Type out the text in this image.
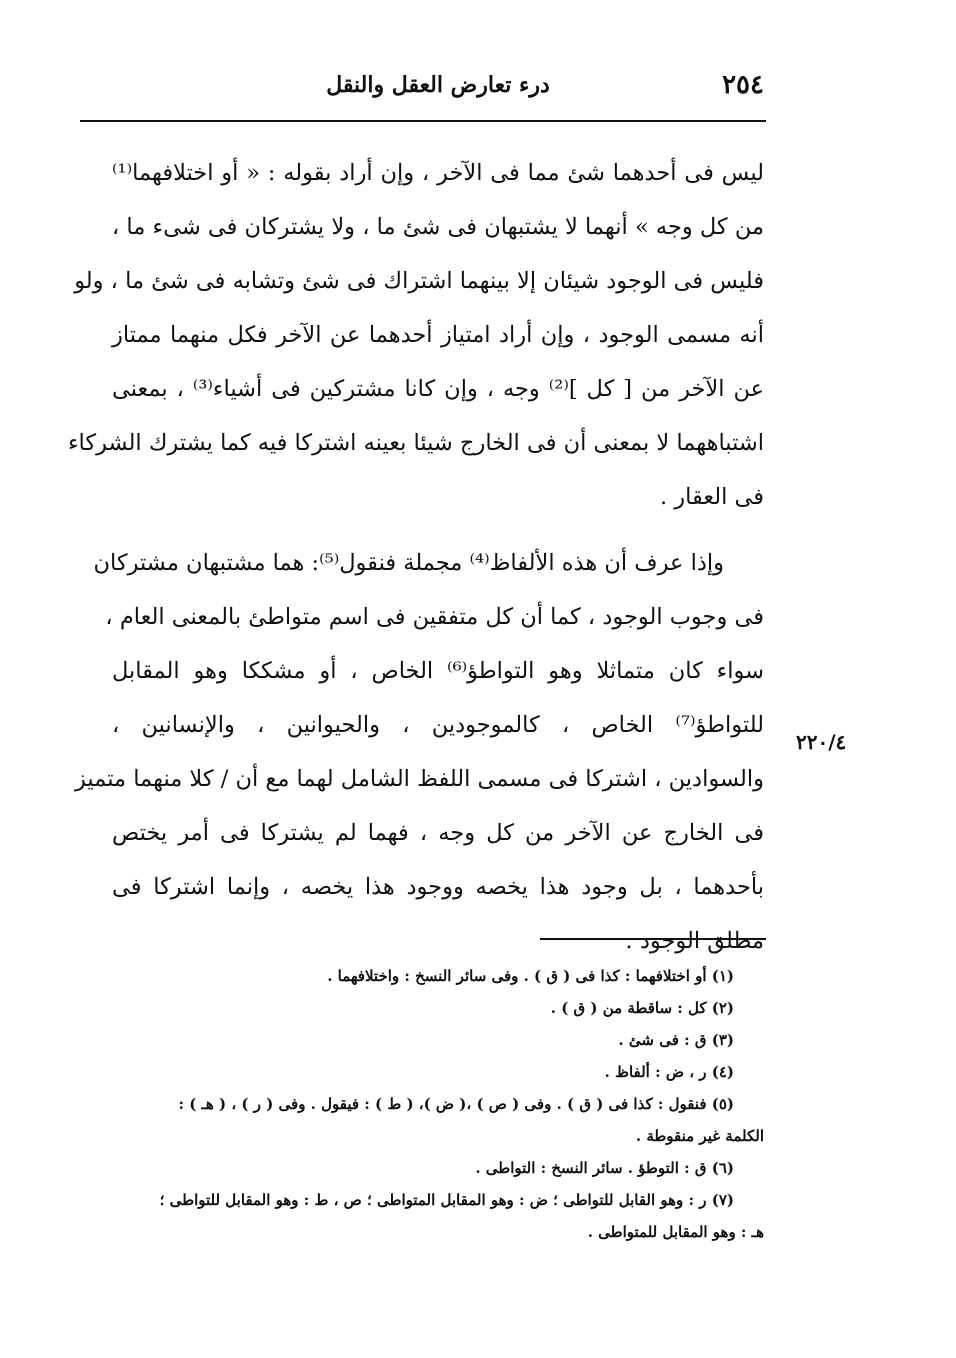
٢٥٤
درء تعارض العقل والنقل
٢٢٠/٤
ليس فى أحدهما شئ مما فى الآخر ، وإن أراد بقوله : « أو اختلافهما⁽¹⁾
من كل وجه » أنهما لا يشتبهان فى شئ ما ، ولا يشتركان فى شىء ما ،
فليس فى الوجود شيئان إلا بينهما اشتراك فى شئ وتشابه فى شئ ما ، ولو
أنه مسمى الوجود ، وإن أراد امتياز أحدهما عن الآخر فكل منهما ممتاز
عن الآخر من [ كل ]⁽²⁾ وجه ، وإن كانا مشتركين فى أشياء⁽³⁾ ، بمعنى
اشتباههما لا بمعنى أن فى الخارج شيئا بعينه اشتركا فيه كما يشترك الشركاء
فى العقار .
وإذا عرف أن هذه الألفاظ⁽⁴⁾ مجملة فنقول⁽⁵⁾: هما مشتبهان مشتركان
فى وجوب الوجود ، كما أن كل متفقين فى اسم متواطئ بالمعنى العام ،
سواء كان متماثلا وهو التواطؤ⁽⁶⁾ الخاص ، أو مشككا وهو المقابل
للتواطؤ⁽⁷⁾ الخاص ، كالموجودين ، والحيوانين ، والإنسانين ،
والسوادين ، اشتركا فى مسمى اللفظ الشامل لهما مع أن / كلا منهما متميز
فى الخارج عن الآخر من كل وجه ، فهما لم يشتركا فى أمر يختص
بأحدهما ، بل وجود هذا يخصه ووجود هذا يخصه ، وإنما اشتركا فى
مطلق الوجود .
(١) أو اختلافهما : كذا فى ( ق ) . وفى سائر النسخ : واختلافهما .
(٢) كل : ساقطة من ( ق ) .
(٣) ق : فى شئ .
(٤) ر ، ض : ألفاظ .
(٥) فنقول : كذا فى ( ق ) . وفى ( ص ) ،( ض )، ( ط ) : فيقول . وفى ( ر ) ، ( هـ ) :
الكلمة غير منقوطة .
(٦) ق : التوطؤ . سائر النسخ : التواطى .
(٧) ر : وهو القابل للتواطى ؛ ض : وهو المقابل المتواطى ؛ ص ، ط : وهو المقابل للتواطى ؛
هـ : وهو المقابل للمتواطى .
